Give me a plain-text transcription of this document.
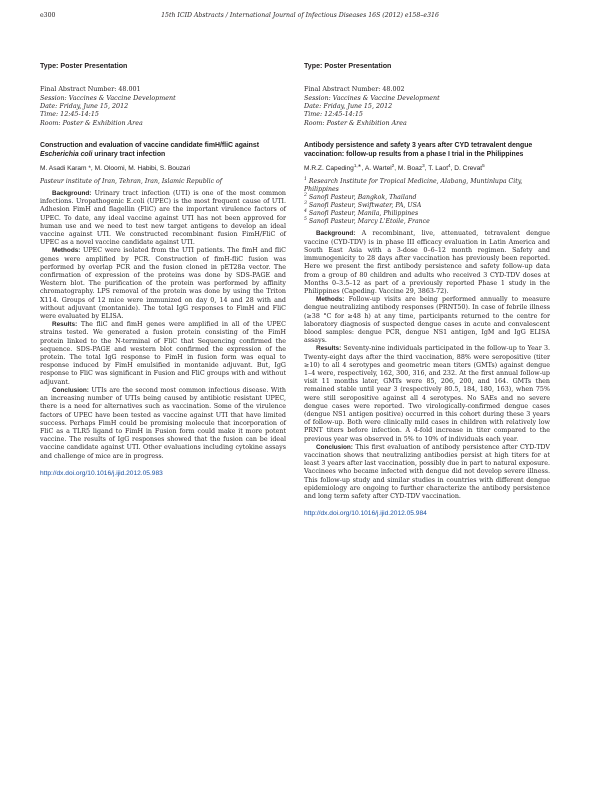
e300	15th ICID Abstracts / International Journal of Infectious Diseases 16S (2012) e158–e316
Type: Poster Presentation
Final Abstract Number: 48.001
Session: Vaccines & Vaccine Development
Date: Friday, June 15, 2012
Time: 12:45-14:15
Room: Poster & Exhibition Area
Construction and evaluation of vaccine candidate fimH/fliC against Escherichia coli urinary tract infection
M. Asadi Karam *, M. Oloomi, M. Habibi, S. Bouzari
Pasteur institute of Iran, Tehran, Iran, Islamic Republic of

Background: Urinary tract infection (UTI) is one of the most common infections. Uropathogenic E.coli (UPEC) is the most frequent cause of UTI. Adhesion FimH and flagellin (FliC) are the important virulence factors of UPEC. To date, any ideal vaccine against UTI has not been approved for human use and we need to test new target antigens to develop an ideal vaccine against UTI. We constructed recombinant fusion FimH/FliC of UPEC as a novel vaccine candidate against UTI.

Methods: UPEC were isolated from the UTI patients. The fimH and fliC genes were amplified by PCR. Construction of fimH-fliC fusion was performed by overlap PCR and the fusion cloned in pET28a vector. The confirmation of expression of the proteins was done by SDS-PAGE and Western blot. The purification of the protein was performed by affinity chromatography. LPS removal of the protein was done by using the Triton X114. Groups of 12 mice were immunized on day 0, 14 and 28 with and without adjuvant (montanide). The total IgG responses to FimH and FliC were evaluated by ELISA.

Results: The fliC and fimH genes were amplified in all of the UPEC strains tested. We generated a fusion protein consisting of the FimH protein linked to the N-terminal of FliC that Sequencing confirmed the sequence. SDS-PAGE and western blot confirmed the expression of the protein. The total IgG response to FimH in fusion form was equal to response induced by FimH emulsified in montanide adjuvant. But, IgG response to FliC was significant in Fusion and FliC groups with and without adjuvant.

Conclusion: UTIs are the second most common infectious disease. With an increasing number of UTIs being caused by antibiotic resistant UPEC, there is a need for alternatives such as vaccination. Some of the virulence factors of UPEC have been tested as vaccine against UTI that have limited success. Perhaps FimH could be promising molecule that incorporation of FliC as a TLR5 ligand to FimH in Fusion form could make it more potent vaccine. The results of IgG responses showed that the fusion can be ideal vaccine candidate against UTI. Other evaluations including cytokine assays and challenge of mice are in progress.

http://dx.doi.org/10.1016/j.ijid.2012.05.983
Type: Poster Presentation
Final Abstract Number: 48.002
Session: Vaccines & Vaccine Development
Date: Friday, June 15, 2012
Time: 12:45-14:15
Room: Poster & Exhibition Area
Antibody persistence and safety 3 years after CYD tetravalent dengue vaccination: follow-up results from a phase I trial in the Philippines
M.R.Z. Capeding$^{1,∗}$, A. Wartel$^2$, M. Boaz$^3$, T. Laot$^4$, D. Crevat$^5$
$^1$ Research Institute for Tropical Medicine, Alabang, Muntinlupa City, Philippines
$^2$ Sanofi Pasteur, Bangkok, Thailand
$^3$ Sanofi Pasteur, Swiftwater, PA, USA
$^4$ Sanofi Pasteur, Manila, Philippines
$^5$ Sanofi Pasteur, Marcy L'Etoile, France

Background: A recombinant, live, attenuated, tetravalent dengue vaccine (CYD-TDV) is in phase III efficacy evaluation in Latin America and South East Asia with a 3-dose 0–6–12 month regimen. Safety and immunogenicity to 28 days after vaccination has previously been reported. Here we present the first antibody persistence and safety follow-up data from a group of 80 children and adults who received 3 CYD-TDV doses at Months 0–3.5–12 as part of a previously reported Phase 1 study in the Philippines (Capeding. Vaccine 29, 3863-72).

Methods: Follow-up visits are being performed annually to measure dengue neutralizing antibody responses (PRNT50). In case of febrile illness (≥38 °C for ≥48 h) at any time, participants returned to the centre for laboratory diagnosis of suspected dengue cases in acute and convalescent blood samples: dengue PCR, dengue NS1 antigen, IgM and IgG ELISA assays.

Results: Seventy-nine individuals participated in the follow-up to Year 3. Twenty-eight days after the third vaccination, 88% were seropositive (titer ≥10) to all 4 serotypes and geometric mean titers (GMTs) against dengue 1–4 were, respectively, 162, 300, 316, and 232. At the first annual follow-up visit 11 months later, GMTs were 85, 206, 200, and 164. GMTs then remained stable until year 3 (respectively 80.5, 184, 180, 163), when 75% were still seropositive against all 4 serotypes. No SAEs and no severe dengue cases were reported. Two virologically-confirmed dengue cases (dengue NS1 antigen positive) occurred in this cohort during these 3 years of follow-up. Both were clinically mild cases in children with relatively low PRNT titers before infection. A 4-fold increase in titer compared to the previous year was observed in 5% to 10% of individuals each year.

Conclusion: This first evaluation of antibody persistence after CYD-TDV vaccination shows that neutralizing antibodies persist at high titers for at least 3 years after last vaccination, possibly due in part to natural exposure. Vaccinees who became infected with dengue did not develop severe illness. This follow-up study and similar studies in countries with different dengue epidemiology are ongoing to further characterize the antibody persistence and long term safety after CYD-TDV vaccination.

http://dx.doi.org/10.1016/j.ijid.2012.05.984
